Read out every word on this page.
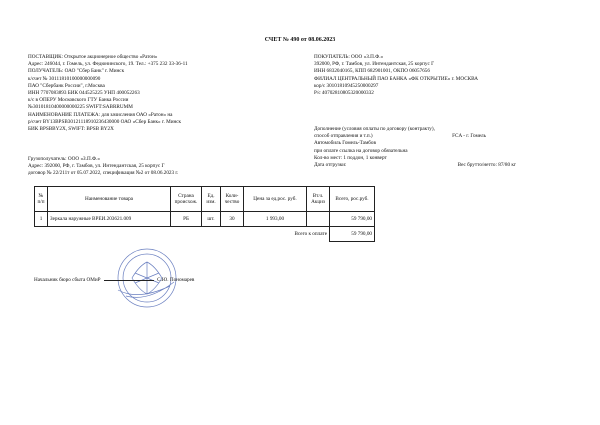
СЧЕТ № 490 от 08.06.2023
ПОСТАВЩИК: Открытое акционерное общество «Ратон»
Адрес: 246044, г. Гомель, ул. Федюнинского, 19. Тел.: +375 232 33-36-11
ПОЛУЧАТЕЛЬ: ОАО "Сбер Банк" г. Минск
к/счет № 30111810100000000090
ПАО "Сбербанк России", г.Москва
ИНН 7707083893 БИК 044525225 УНП 400052263
к/с в ОПЕРУ Московского ГТУ Банка России
№30101810400000000225 SWIFT:SABRRUMM
НАИМЕНОВАНИЕ ПЛАТЕЖА: для зачисления ОАО «Ратон» на
р/счет BY13BPSB30121118910236430000 ОАО «Сбер Банк» г. Минск
БИК BPSBBY2X, SWIFT: BPSB BY2X
ПОКУПАТЕЛЬ: ООО «З.П.Ф.»
392000, РФ, г. Тамбов, ул. Интендантская, 25 корпус Г
ИНН 6832040165, КПП 682901001, ОКПО 06057656
ФИЛИАЛ ЦЕНТРАЛЬНЫЙ ПАО БАНКА «ФК ОТКРЫТИЕ» г. МОСКВА
кор/с 30101810945250000297
Р/с 40702810805320000332
Дополнение (условия оплаты по договору (контракту),
способ отправления и т.п.)	FCA - г. Гомель
Автомобиль Гомель-Тамбов
при оплате ссылка на договор обязательна
Кол-во мест: 1 поддон, 1 конверт
Дата отгрузки:	Вес брутто/нетто: 87/80 кг
Грузополучатель: ООО «З.П.Ф.»
Адрес: 392000, РФ, г. Тамбов, ул. Интендантская, 25 корпус Г
договор № 22/211т от 05.07.2022, спецификация №2 от 08.06.2023 г.
№ п/п	Наименование товара	Страна происхож.	Ед. изм.	Коли-чество	Цена за ед.рос. руб.	Вт.ч. Акциз	Всего, рос.руб.
1	Зеркала наружные ВРЕИ.203621.009	РБ	шт.	30	1 993,00		59 790,00
					Всего к оплате		59 790,00
Начальник бюро сбыта ОМиР	С.Ю. Пономарев
